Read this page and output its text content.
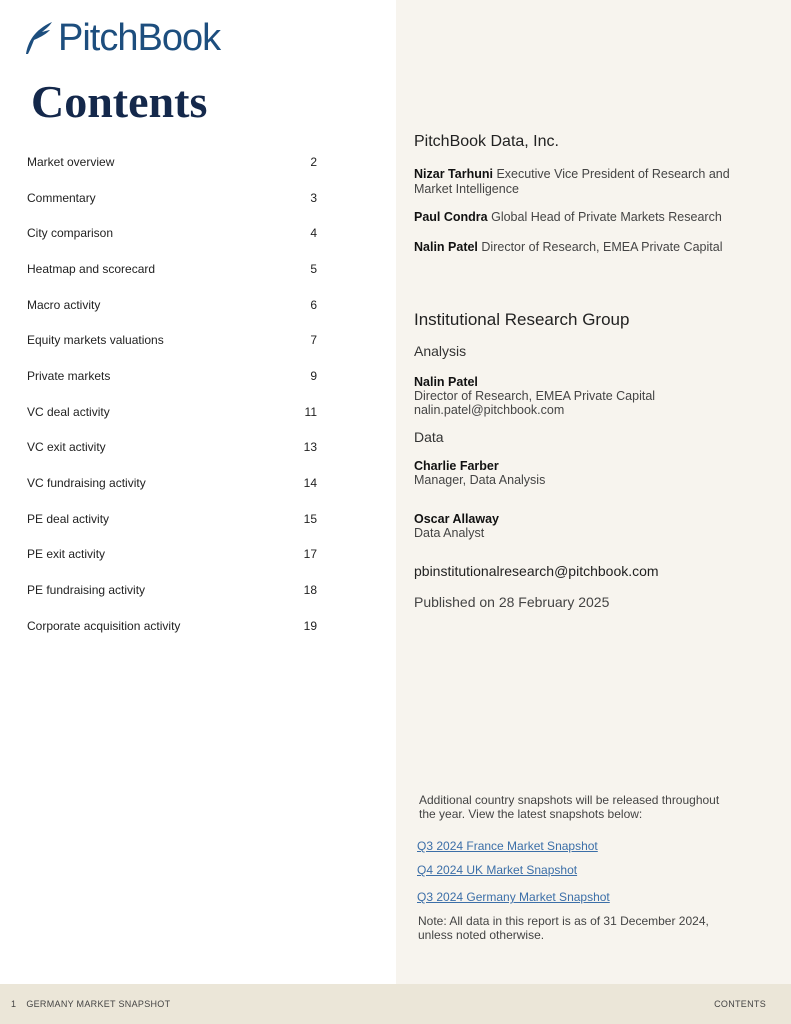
PitchBook
Contents
Market overview	2
Commentary	3
City comparison	4
Heatmap and scorecard	5
Macro activity	6
Equity markets valuations	7
Private markets	9
VC deal activity	11
VC exit activity	13
VC fundraising activity	14
PE deal activity	15
PE exit activity	17
PE fundraising activity	18
Corporate acquisition activity	19
PitchBook Data, Inc.
Nizar Tarhuni Executive Vice President of Research and Market Intelligence
Paul Condra Global Head of Private Markets Research
Nalin Patel Director of Research, EMEA Private Capital
Institutional Research Group
Analysis
Nalin Patel
Director of Research, EMEA Private Capital
nalin.patel@pitchbook.com
Data
Charlie Farber
Manager, Data Analysis
Oscar Allaway
Data Analyst
pbinstitutionalresearch@pitchbook.com
Published on 28 February 2025
Additional country snapshots will be released throughout the year. View the latest snapshots below:
Q3 2024 France Market Snapshot
Q4 2024 UK Market Snapshot
Q3 2024 Germany Market Snapshot
Note: All data in this report is as of 31 December 2024, unless noted otherwise.
1 GERMANY MARKET SNAPSHOT	CONTENTS
